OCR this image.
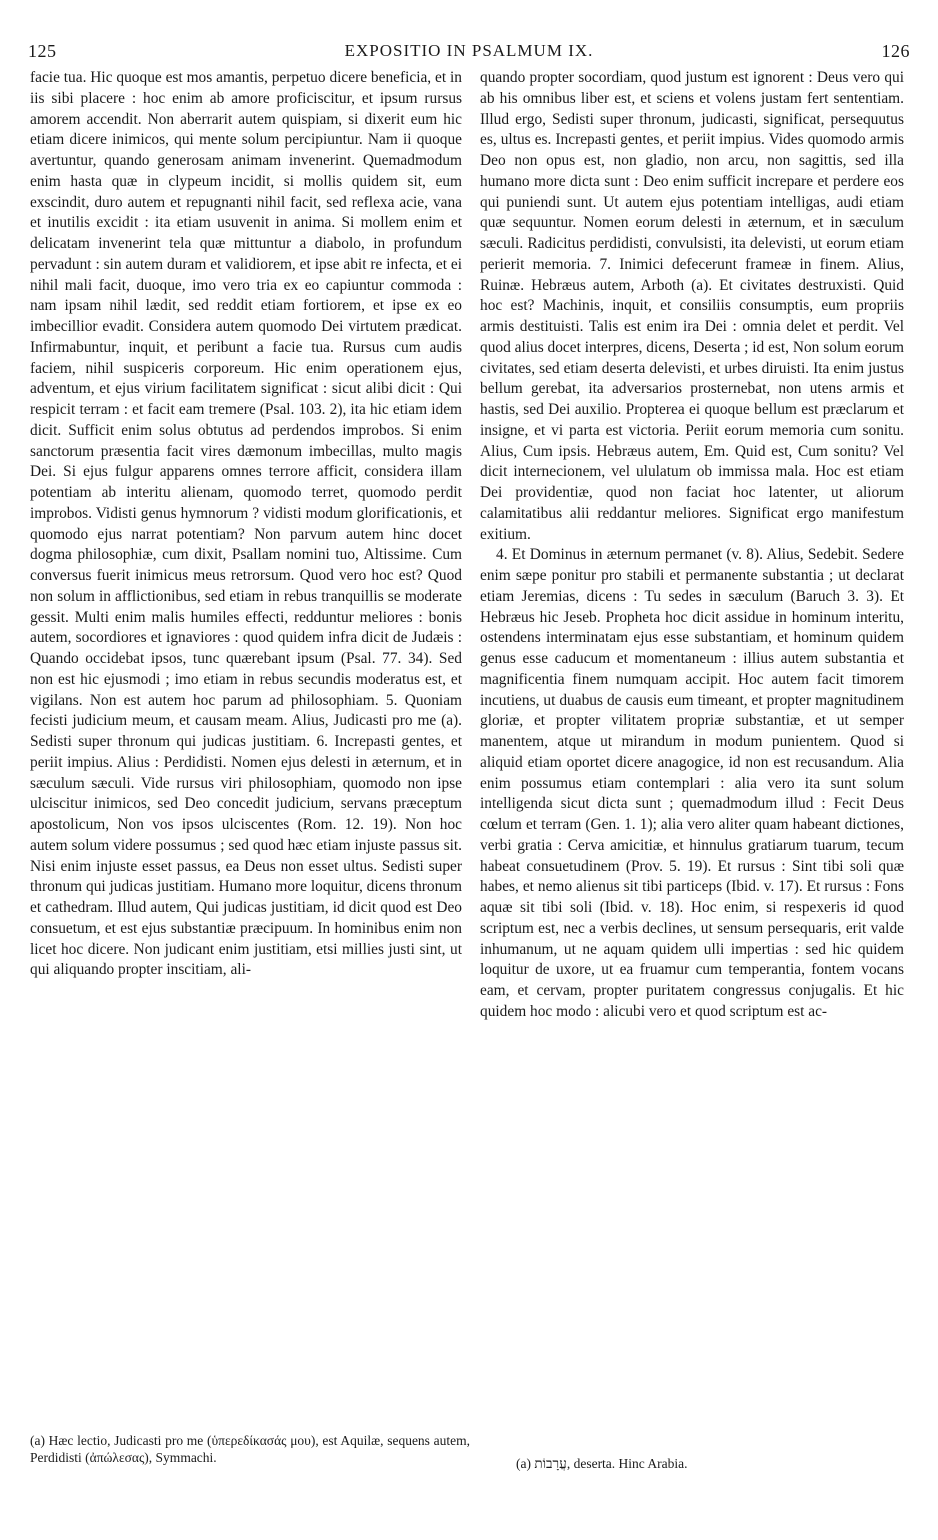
125	EXPOSITIO IN PSALMUM IX.	126

facie tua. Hic quoque est mos amantis, perpetuo dicere beneficia, et in iis sibi placere : hoc enim ab amore proficiscitur, et ipsum rursus amorem accendit. Non aberrarit autem quispiam, si dixerit eum hic etiam dicere inimicos, qui mente solum percipiuntur. Nam ii quoque avertuntur, quando generosam animam invenerint. Quemadmodum enim hasta quæ in clypeum incidit, si mollis quidem sit, eum exscindit, duro autem et repugnanti nihil facit, sed reflexa acie, vana et inutilis excidit : ita etiam usuvenit in anima. Si mollem enim et delicatam invenerint tela quæ mittuntur a diabolo, in profundum pervadunt : sin autem duram et validiorem, et ipse abit re infecta, et ei nihil mali facit, duoque, imo vero tria ex eo capiuntur commoda : nam ipsam nihil lædit, sed reddit etiam fortiorem, et ipse ex eo imbecillior evadit. Considera autem quomodo Dei virtutem prædicat. Infirmabuntur, inquit, et peribunt a facie tua. Rursus cum audis faciem, nihil suspiceris corporeum. Hic enim operationem ejus, adventum, et ejus virium facilitatem significat : sicut alibi dicit : Qui respicit terram : et facit eam tremere (Psal. 103. 2), ita hic etiam idem dicit. Sufficit enim solus obtutus ad perdendos improbos. Si enim sanctorum præsentia facit vires dæmonum imbecillas, multo magis Dei. Si ejus fulgur apparens omnes terrore afficit, considera illam potentiam ab interitu alienam, quomodo terret, quomodo perdit improbos. Vidisti genus hymnorum ? vidisti modum glorificationis, et quomodo ejus narrat potentiam? Non parvum autem hinc docet dogma philosophiæ, cum dixit, Psallam nomini tuo, Altissime. Cum conversus fuerit inimicus meus retrorsum. Quod vero hoc est? Quod non solum in afflictionibus, sed etiam in rebus tranquillis se moderate gessit. Multi enim malis humiles effecti, redduntur meliores : bonis autem, socordiores et ignaviores : quod quidem infra dicit de Judæis : Quando occidebat ipsos, tunc quærebant ipsum (Psal. 77. 34). Sed non est hic ejusmodi ; imo etiam in rebus secundis moderatus est, et vigilans. Non est autem hoc parum ad philosophiam. 5. Quoniam fecisti judicium meum, et causam meam. Alius, Judicasti pro me (a). Sedisti super thronum qui judicas justitiam. 6. Increpasti gentes, et periit impius. Alius : Perdidisti. Nomen ejus delesti in æternum, et in sæculum sæculi. Vide rursus viri philosophiam, quomodo non ipse ulciscitur inimicos, sed Deo concedit judicium, servans præceptum apostolicum, Non vos ipsos ulciscentes (Rom. 12. 19). Non hoc autem solum videre possumus ; sed quod hæc etiam injuste passus sit. Nisi enim injuste esset passus, ea Deus non esset ultus. Sedisti super thronum qui judicas justitiam. Humano more loquitur, dicens thronum et cathedram. Illud autem, Qui judicas justitiam, id dicit quod est Deo consuetum, et est ejus substantiæ præcipuum. In hominibus enim non licet hoc dicere. Non judicant enim justitiam, etsi millies justi sint, ut qui aliquando propter inscitiam, ali-

quando propter socordiam, quod justum est ignorent : Deus vero qui ab his omnibus liber est, et sciens et volens justam fert sententiam. Illud ergo, Sedisti super thronum, judicasti, significat, persequutus es, ultus es. Increpasti gentes, et periit impius. Vides quomodo armis Deo non opus est, non gladio, non arcu, non sagittis, sed illa humano more dicta sunt : Deo enim sufficit increpare et perdere eos qui puniendi sunt. Ut autem ejus potentiam intelligas, audi etiam quæ sequuntur. Nomen eorum delesti in æternum, et in sæculum sæculi. Radicitus perdidisti, convulsisti, ita delevisti, ut eorum etiam perierit memoria. 7. Inimici defecerunt frameæ in finem. Alius, Ruinæ. Hebræus autem, Arboth (a). Et civitates destruxisti. Quid hoc est? Machinis, inquit, et consiliis consumptis, eum propriis armis destituisti. Talis est enim ira Dei : omnia delet et perdit. Vel quod alius docet interpres, dicens, Deserta ; id est, Non solum eorum civitates, sed etiam deserta delevisti, et urbes diruisti. Ita enim justus bellum gerebat, ita adversarios prosternebat, non utens armis et hastis, sed Dei auxilio. Propterea ei quoque bellum est præclarum et insigne, et vi parta est victoria. Periit eorum memoria cum sonitu. Alius, Cum ipsis. Hebræus autem, Em. Quid est, Cum sonitu? Vel dicit internecionem, vel ululatum ob immissa mala. Hoc est etiam Dei providentiæ, quod non faciat hoc latenter, ut aliorum calamitatibus alii reddantur meliores. Significat ergo manifestum exitium.

4. Et Dominus in æternum permanet (v. 8). Alius, Sedebit. Sedere enim sæpe ponitur pro stabili et permanente substantia ; ut declarat etiam Jeremias, dicens : Tu sedes in sæculum (Baruch 3. 3). Et Hebræus hic Jeseb. Propheta hoc dicit assidue in hominum interitu, ostendens interminatam ejus esse substantiam, et hominum quidem genus esse caducum et momentaneum : illius autem substantia et magnificentia finem numquam accipit. Hoc autem facit timorem incutiens, ut duabus de causis eum timeant, et propter magnitudinem gloriæ, et propter vilitatem propriæ substantiæ, et ut semper manentem, atque ut mirandum in modum punientem. Quod si aliquid etiam oportet dicere anagogice, id non est recusandum. Alia enim possumus etiam contemplari : alia vero ita sunt solum intelligenda sicut dicta sunt ; quemadmodum illud : Fecit Deus cœlum et terram (Gen. 1. 1); alia vero aliter quam habeant dictiones, verbi gratia : Cerva amicitiæ, et hinnulus gratiarum tuarum, tecum habeat consuetudinem (Prov. 5. 19). Et rursus : Sint tibi soli quæ habes, et nemo alienus sit tibi particeps (Ibid. v. 17). Et rursus : Fons aquæ sit tibi soli (Ibid. v. 18). Hoc enim, si respexeris id quod scriptum est, nec a verbis declines, ut sensum persequaris, erit valde inhumanum, ut ne aquam quidem ulli impertias : sed hic quidem loquitur de uxore, ut ea fruamur cum temperantia, fontem vocans eam, et cervam, propter puritatem congressus conjugalis. Et hic quidem hoc modo : alicubi vero et quod scriptum est ac-

(a) Hæc lectio, Judicasti pro me (ὑπερεδίκασάς μου), est Aquilæ, sequens autem, Perdidisti (ἀπώλεσας), Symmachi.	(a) עֲרָבוֹת, deserta. Hinc Arabia.
